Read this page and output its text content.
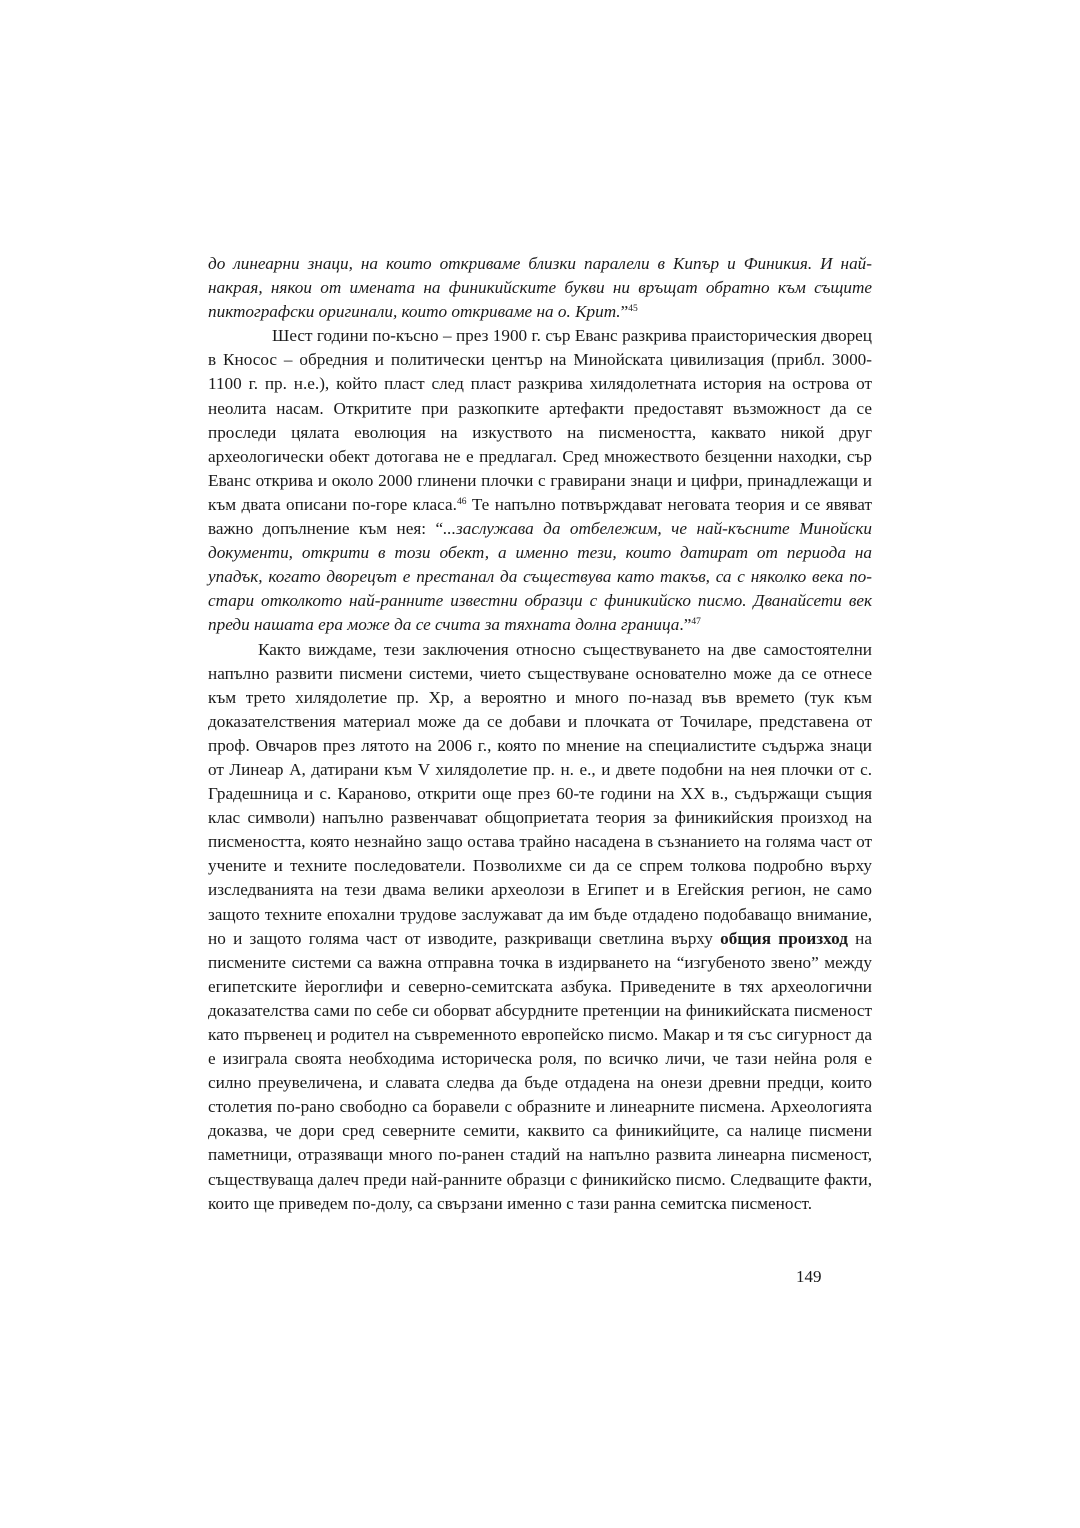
до линеарни знаци, на които откриваме близки паралели в Кипър и Финикия. И най-накрая, някои от имената на финикийските букви ни връщат обратно към същите пиктографски оригинали, които откриваме на о. Крит.”$^{45}$

Шест години по-късно – през 1900 г. сър Еванс разкрива праисторическия дворец в Кносос – обредния и политически център на Минойската цивилизация (прибл. 3000-1100 г. пр. н.е.), който пласт след пласт разкрива хилядолетната история на острова от неолита насам. Откритите при разкопките артефакти предоставят възможност да се проследи цялата еволюция на изкуството на писмеността, каквато никой друг археологически обект дотогава не е предлагал. Сред множеството безценни находки, сър Еванс открива и около 2000 глинени плочки с гравирани знаци и цифри, принадлежащи и към двата описани по-горе класа.$^{46}$ Те напълно потвърждават неговата теория и се явяват важно допълнение към нея: “...заслужава да отбележим, че най-късните Минойски документи, открити в този обект, а именно тези, които датират от периода на упадък, когато дворецът е престанал да съществува като такъв, са с няколко века по-стари отколкото най-ранните известни образци с финикийско писмо. Дванайсети век преди нашата ера може да се счита за тяхната долна граница.”$^{47}$

Както виждаме, тези заключения относно съществуването на две самостоятелни напълно развити писмени системи, чието съществуване основателно може да се отнесе към трето хилядолетие пр. Хр, а вероятно и много по-назад във времето (тук към доказателствения материал може да се добави и плочката от Точиларе, представена от проф. Овчаров през лятото на 2006 г., която по мнение на специалистите съдържа знаци от Линеар А, датирани към V хилядолетие пр. н. е., и двете подобни на нея плочки от с. Градешница и с. Караново, открити още през 60-те години на XX в., съдържащи същия клас символи) напълно развенчават общоприетата теория за финикийския произход на писмеността, която незнайно защо остава трайно насадена в съзнанието на голяма част от учените и техните последователи. Позволихме си да се спрем толкова подробно върху изследванията на тези двама велики археолози в Египет и в Егейския регион, не само защото техните епохални трудове заслужават да им бъде отдадено подобаващо внимание, но и защото голяма част от изводите, разкриващи светлина върху общия произход на писмените системи са важна отправна точка в издирването на “изгубеното звено” между египетските йероглифи и северно-семитската азбука. Приведените в тях археологични доказателства сами по себе си оборват абсурдните претенции на финикийската писменост като първенец и родител на съвременното европейско писмо. Макар и тя със сигурност да е изиграла своята необходима историческа роля, по всичко личи, че тази нейна роля е силно преувеличена, и славата следва да бъде отдадена на онези древни предци, които столетия по-рано свободно са боравели с образните и линеарните писмена. Археологията доказва, че дори сред северните семити, каквито са финикийците, са налице писмени паметници, отразяващи много по-ранен стадий на напълно развита линеарна писменост, съществуваща далеч преди най-ранните образци с финикийско писмо. Следващите факти, които ще приведем по-долу, са свързани именно с тази ранна семитска писменост.

149
